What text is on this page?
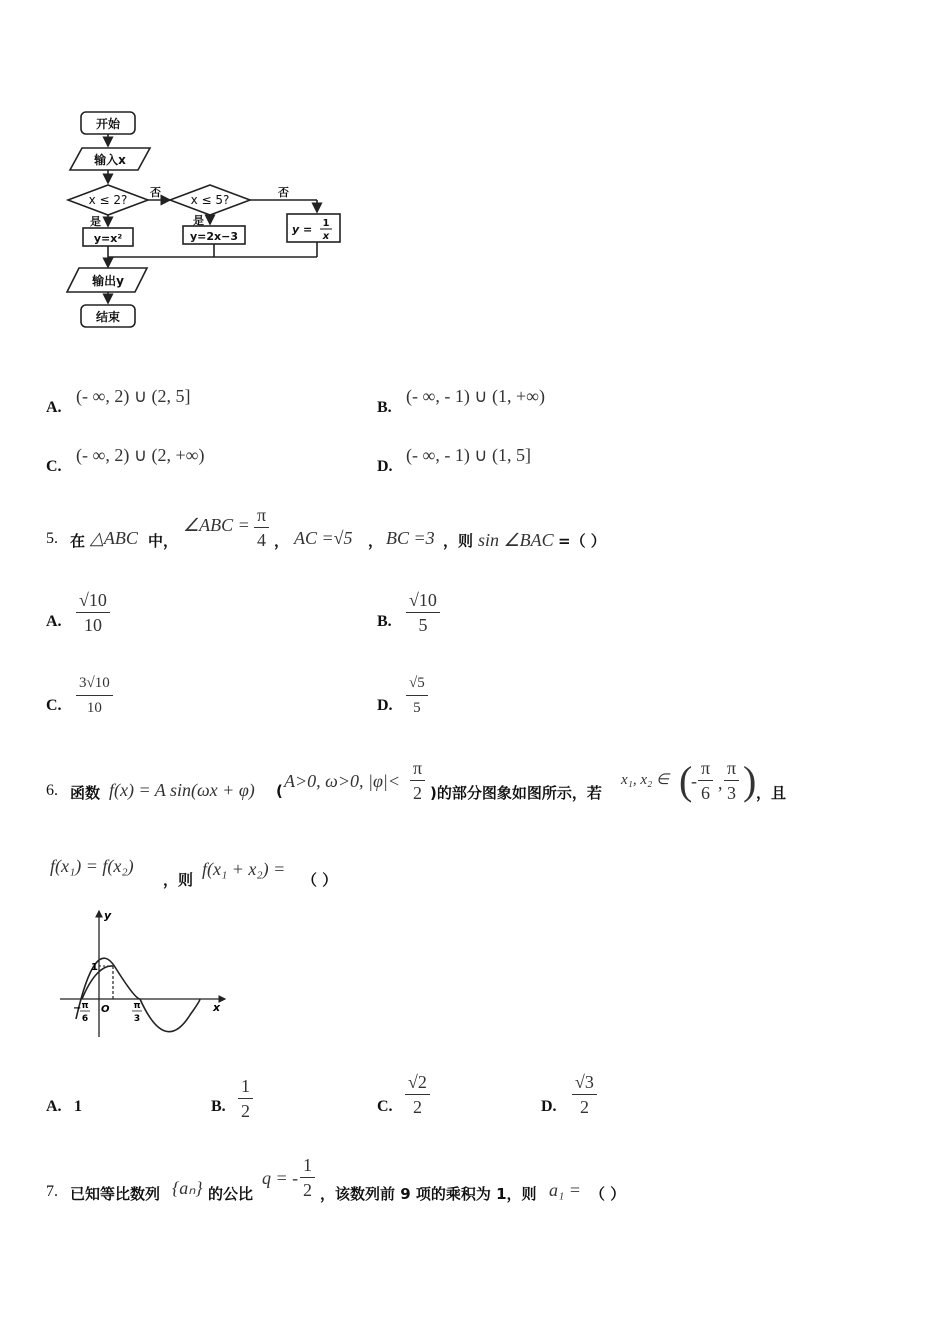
开始
输入x
x ≤ 2?	x ≤ 5?
否	否
是	是
y=x²	y=2x−3
y = 1
x
输出y
结束
A.
(- ∞, 2) ∪ (2, 5]
B.
(- ∞, - 1) ∪ (1, +∞)
C.
(- ∞, 2) ∪ (2, +∞)
D.
(- ∞, - 1) ∪ (1, 5]
5. 在 △ABC 中，
∠ABC = $\frac{\pi}{4}$ ， AC =√5 ， BC =3 ，则 sin ∠BAC =（ ）
A. $\frac{√10}{10}$	B. $\frac{√10}{5}$
C. $\frac{3√10}{10}$	D. $\frac{√5}{5}$
6. 函数 f(x) = A sin(ωx + φ) ( A>0, ω>0, $|\varphi|< \frac{\pi}{2}$ )的部分图象如图所示，若
x₁, x₂ ∈ (
- $\frac{\pi}{6}$ , $\frac{\pi}{3}$ ) ，且
f(x₁) = f(x₂)
，则
f(x₁ + x₂) =
（ ）
y
x
1
O
− π
6
π
3
A. 1	B. $\frac{1}{2}$	C. $\frac{√2}{2}$	D. $\frac{√3}{2}$
7. 已知等比数列 {aₙ} 的公比
q = - $\frac{1}{2}$ ，该数列前 9 项的乘积为 1，则 a₁ = （ ）
